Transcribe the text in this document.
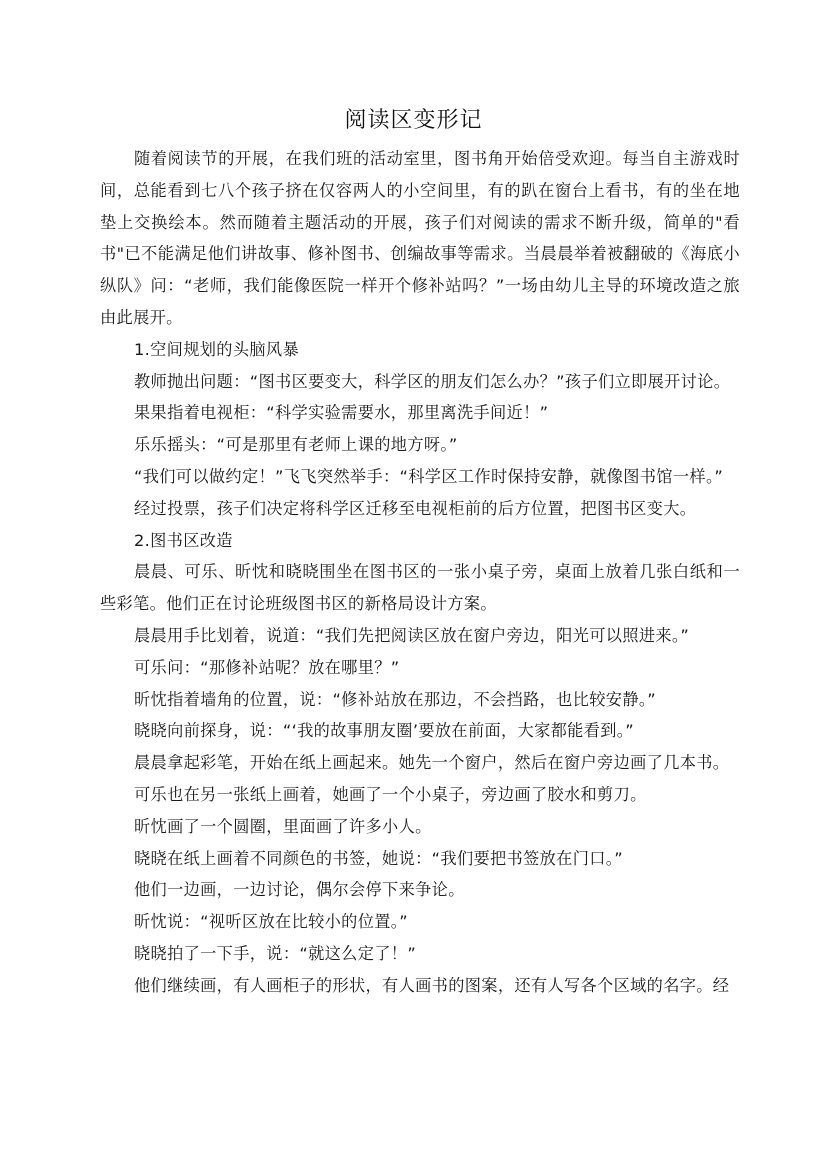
阅读区变形记

随着阅读节的开展，在我们班的活动室里，图书角开始倍受欢迎。每当自主游戏时间，总能看到七八个孩子挤在仅容两人的小空间里，有的趴在窗台上看书，有的坐在地垫上交换绘本。然而随着主题活动的开展，孩子们对阅读的需求不断升级，简单的"看书"已不能满足他们讲故事、修补图书、创编故事等需求。当晨晨举着被翻破的《海底小纵队》问：“老师，我们能像医院一样开个修补站吗？”一场由幼儿主导的环境改造之旅由此展开。

1.空间规划的头脑风暴

教师抛出问题：“图书区要变大，科学区的朋友们怎么办？”孩子们立即展开讨论。

果果指着电视柜：“科学实验需要水，那里离洗手间近！”

乐乐摇头：“可是那里有老师上课的地方呀。”

“我们可以做约定！”飞飞突然举手：“科学区工作时保持安静，就像图书馆一样。”

经过投票，孩子们决定将科学区迁移至电视柜前的后方位置，把图书区变大。

2.图书区改造

晨晨、可乐、昕忱和晓晓围坐在图书区的一张小桌子旁，桌面上放着几张白纸和一些彩笔。他们正在讨论班级图书区的新格局设计方案。

晨晨用手比划着，说道：“我们先把阅读区放在窗户旁边，阳光可以照进来。”

可乐问：“那修补站呢？放在哪里？”

昕忱指着墙角的位置，说：“修补站放在那边，不会挡路，也比较安静。”

晓晓向前探身，说：“‘我的故事朋友圈’要放在前面，大家都能看到。”

晨晨拿起彩笔，开始在纸上画起来。她先一个窗户，然后在窗户旁边画了几本书。

可乐也在另一张纸上画着，她画了一个小桌子，旁边画了胶水和剪刀。

昕忱画了一个圆圈，里面画了许多小人。

晓晓在纸上画着不同颜色的书签，她说：“我们要把书签放在门口。”

他们一边画，一边讨论，偶尔会停下来争论。

昕忱说：“视听区放在比较小的位置。”

晓晓拍了一下手，说：“就这么定了！”

他们继续画，有人画柜子的形状，有人画书的图案，还有人写各个区域的名字。经
